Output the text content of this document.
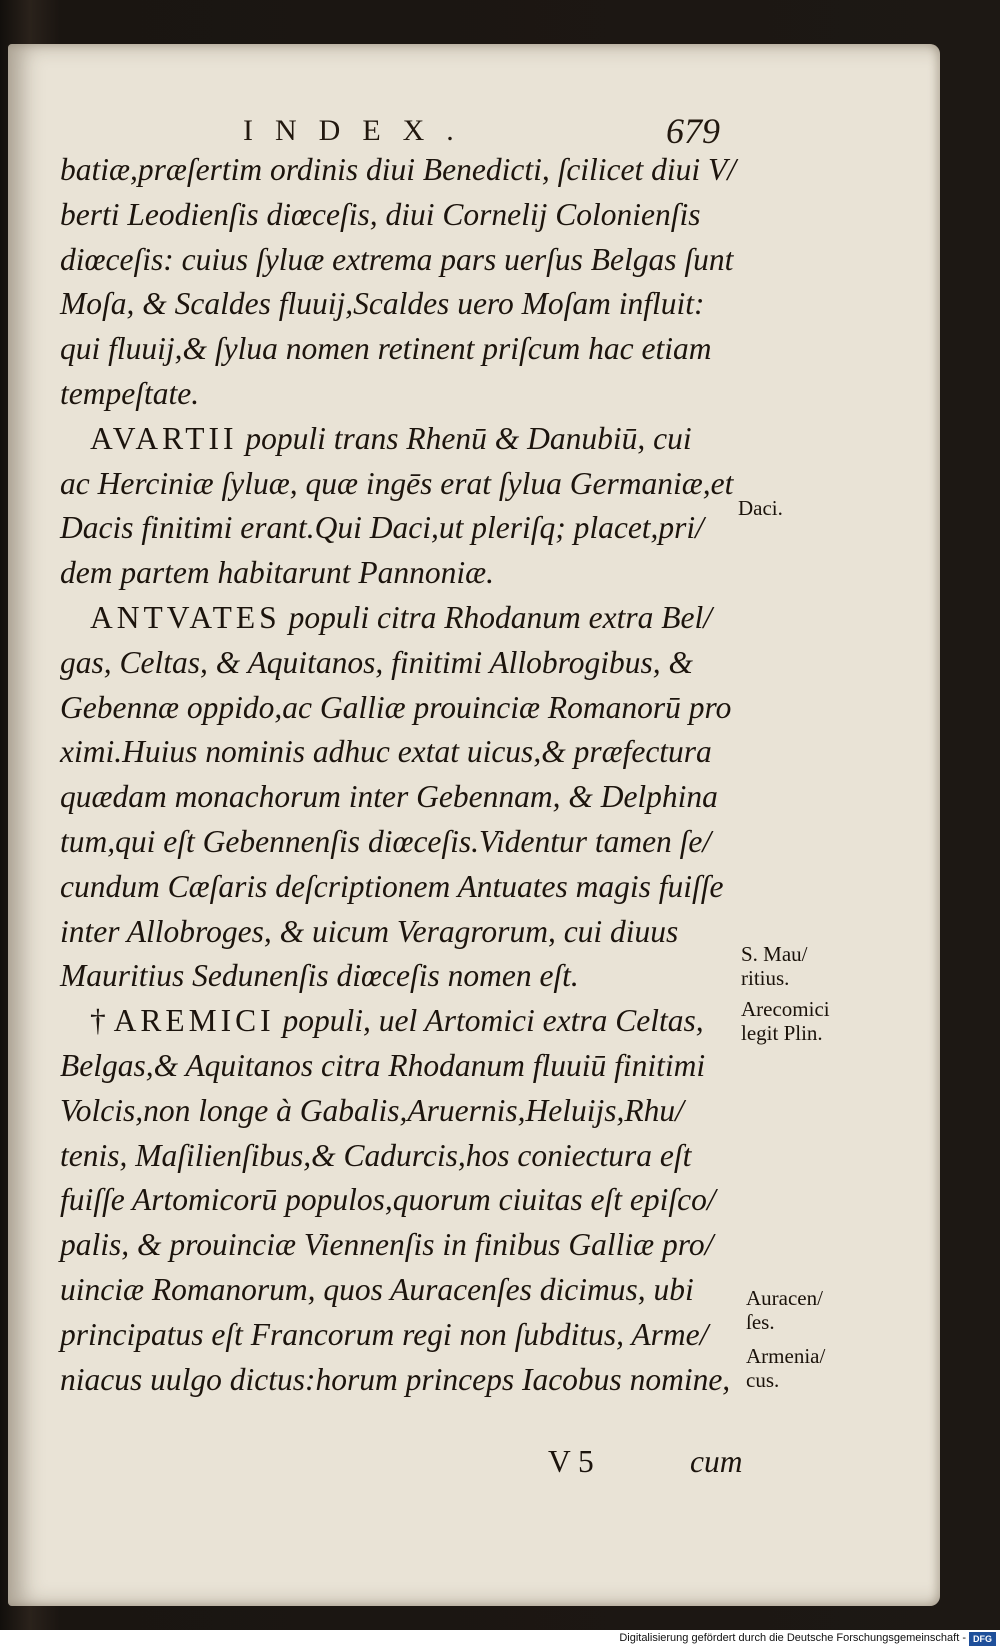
INDEX.	679
batiæ,præſertim ordinis diui Benedicti, ſcilicet diui V/
berti Leodienſis diœceſis, diui Cornelij Colonienſis
diœceſis: cuius ſyluæ extrema pars uerſus Belgas ſunt
Moſa, & Scaldes fluuij,Scaldes uero Moſam influit:
qui fluuij,& ſylua nomen retinent priſcum hac etiam
tempeſtate.
AVARTII populi trans Rhenū & Danubiū, cui
ac Herciniæ ſyluæ, quæ ingēs erat ſylua Germaniæ,et
Dacis finitimi erant.Qui Daci,ut pleriſq; placet,pri/
dem partem habitarunt Pannoniæ.
ANTVATES populi citra Rhodanum extra Bel/
gas, Celtas, & Aquitanos, finitimi Allobrogibus, &
Gebennæ oppido,ac Galliæ prouinciæ Romanorū pro
ximi.Huius nominis adhuc extat uicus,& præfectura
quædam monachorum inter Gebennam, & Delphina
tum,qui eſt Gebennenſis diœceſis.Videntur tamen ſe/
cundum Cæſaris deſcriptionem Antuates magis fuiſſe
inter Allobroges, & uicum Veragrorum, cui diuus
Mauritius Sedunenſis diœceſis nomen eſt.
† AREMICI populi, uel Artomici extra Celtas,
Belgas,& Aquitanos citra Rhodanum fluuiū finitimi
Volcis,non longe à Gabalis,Aruernis,Heluijs,Rhu/
tenis, Maſilienſibus,& Cadurcis,hos coniectura eſt
fuiſſe Artomicorū populos,quorum ciuitas eſt epiſco/
palis, & prouinciæ Viennenſis in finibus Galliæ pro/
uinciæ Romanorum, quos Auracenſes dicimus, ubi
principatus eſt Francorum regi non ſubditus, Arme/
niacus uulgo dictus:horum princeps Iacobus nomine,
Daci.
S. Mau/
ritius.
Arecomici
legit Plin.
Auracen/
ſes.
Armenia/
cus.
V 5	cum
Digitalisierung gefördert durch die Deutsche Forschungsgemeinschaft - DFG
